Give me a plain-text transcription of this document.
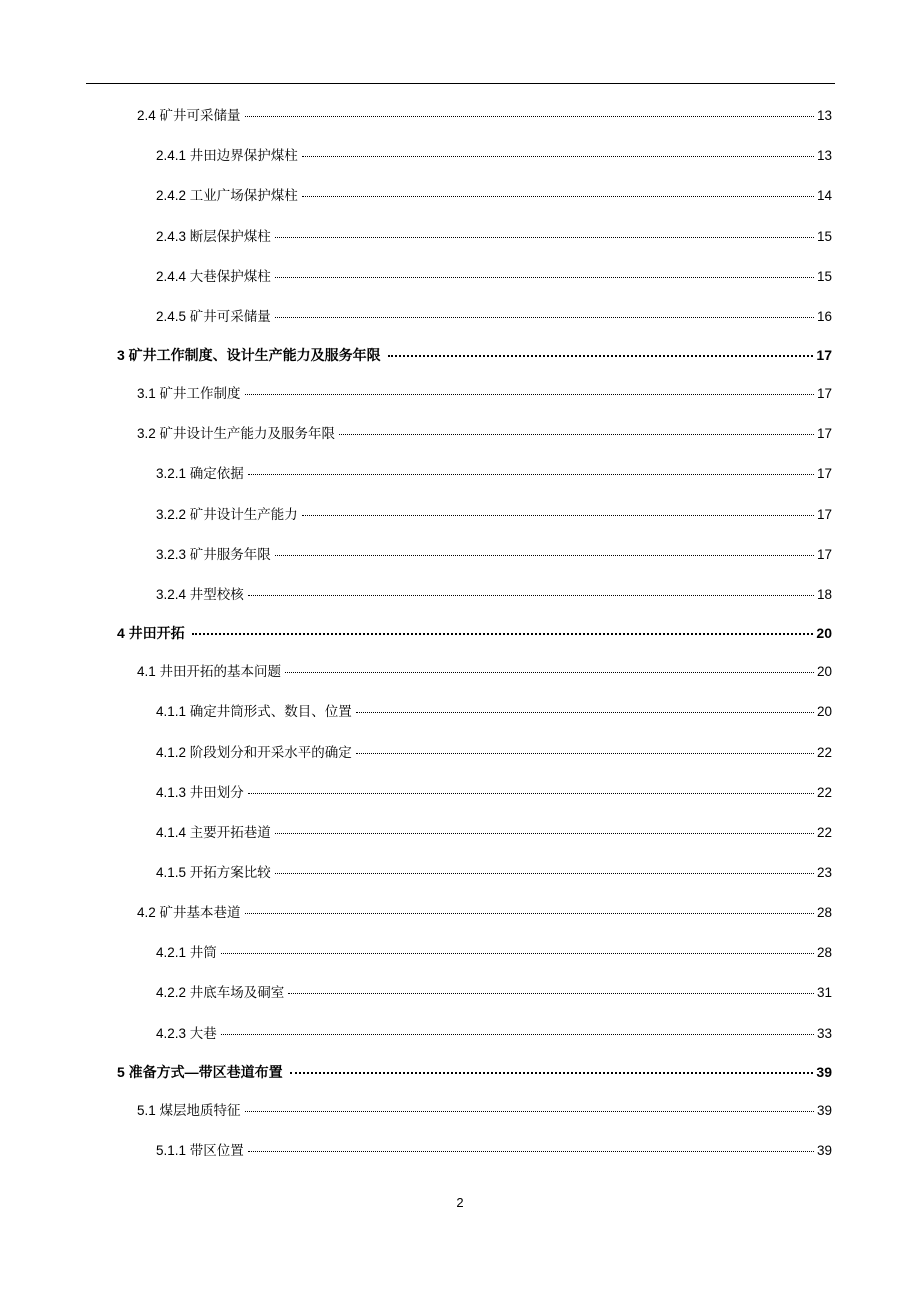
2.4 矿井可采储量	13
2.4.1 井田边界保护煤柱	13
2.4.2 工业广场保护煤柱	14
2.4.3 断层保护煤柱	15
2.4.4 大巷保护煤柱	15
2.4.5 矿井可采储量	16
3 矿井工作制度、设计生产能力及服务年限	17
3.1 矿井工作制度	17
3.2 矿井设计生产能力及服务年限	17
3.2.1 确定依据	17
3.2.2 矿井设计生产能力	17
3.2.3 矿井服务年限	17
3.2.4 井型校核	18
4 井田开拓	20
4.1 井田开拓的基本问题	20
4.1.1 确定井筒形式、数目、位置	20
4.1.2 阶段划分和开采水平的确定	22
4.1.3 井田划分	22
4.1.4 主要开拓巷道	22
4.1.5 开拓方案比较	23
4.2 矿井基本巷道	28
4.2.1 井筒	28
4.2.2 井底车场及硐室	31
4.2.3 大巷	33
5 准备方式—带区巷道布置	39
5.1 煤层地质特征	39
5.1.1 带区位置	39
2
